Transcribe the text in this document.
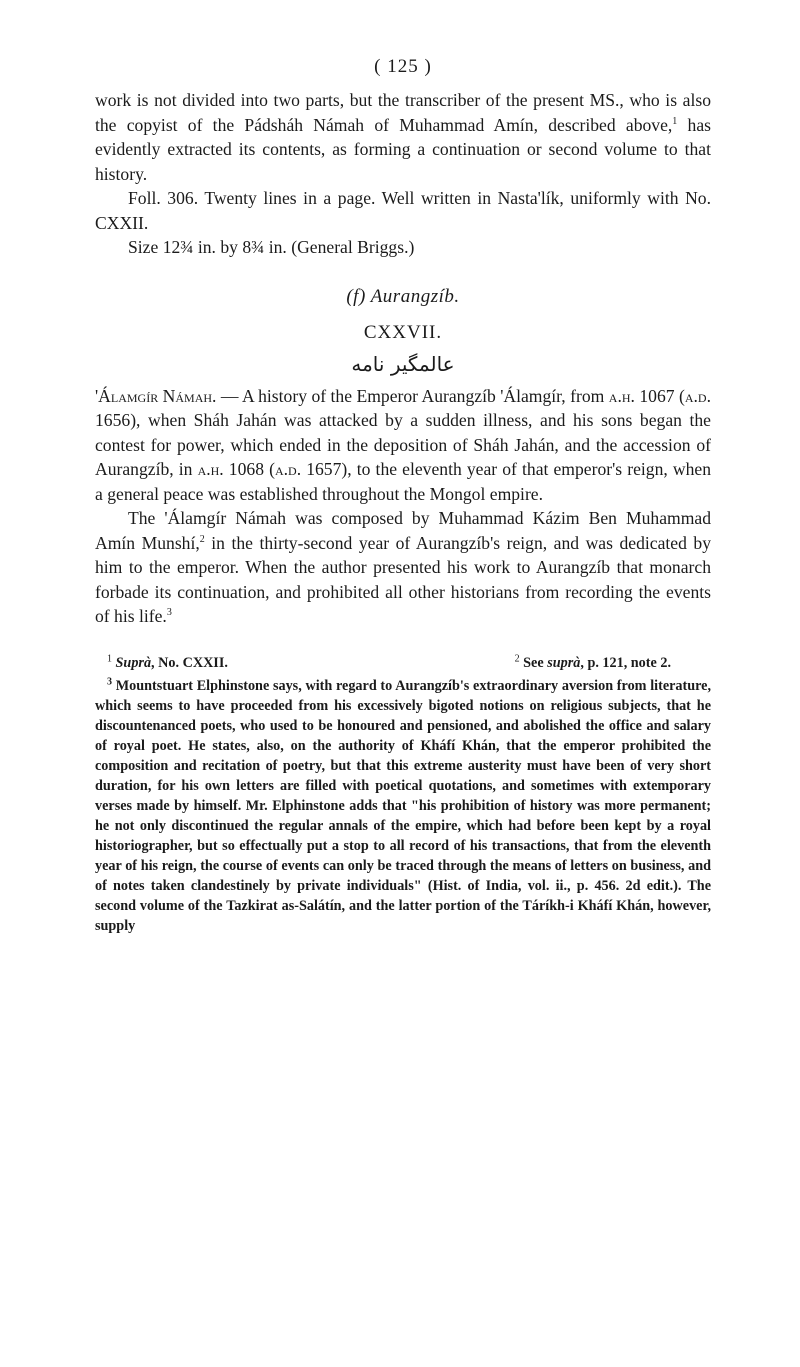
( 125 )

work is not divided into two parts, but the transcriber of the present MS., who is also the copyist of the Pádsháh Námah of Muhammad Amín, described above,$^1$ has evidently extracted its contents, as forming a continuation or second volume to that history.

Foll. 306. Twenty lines in a page. Well written in Nasta'lík, uniformly with No. CXXII.

Size 12¾ in. by 8¾ in. (General Briggs.)

(f) Aurangzíb.
CXXVII.
عالمگیر نامه

'Álamgír Námah. — A history of the Emperor Aurangzíb 'Álamgír, from a.h. 1067 (a.d. 1656), when Sháh Jahán was attacked by a sudden illness, and his sons began the contest for power, which ended in the deposition of Sháh Jahán, and the accession of Aurangzíb, in a.h. 1068 (a.d. 1657), to the eleventh year of that emperor's reign, when a general peace was established throughout the Mongol empire.

The 'Álamgír Námah was composed by Muhammad Kázim Ben Muhammad Amín Munshí,$^2$ in the thirty-second year of Aurangzíb's reign, and was dedicated by him to the emperor. When the author presented his work to Aurangzíb that monarch forbade its continuation, and prohibited all other historians from recording the events of his life.$^3$

$^1$ Suprà, No. CXXII.	$^2$ See suprà, p. 121, note 2.

$^3$ Mountstuart Elphinstone says, with regard to Aurangzíb's extraordinary aversion from literature, which seems to have proceeded from his excessively bigoted notions on religious subjects, that he discountenanced poets, who used to be honoured and pensioned, and abolished the office and salary of royal poet. He states, also, on the authority of Kháfí Khán, that the emperor prohibited the composition and recitation of poetry, but that this extreme austerity must have been of very short duration, for his own letters are filled with poetical quotations, and sometimes with extemporary verses made by himself. Mr. Elphinstone adds that "his prohibition of history was more permanent; he not only discontinued the regular annals of the empire, which had before been kept by a royal historiographer, but so effectually put a stop to all record of his transactions, that from the eleventh year of his reign, the course of events can only be traced through the means of letters on business, and of notes taken clandestinely by private individuals" (Hist. of India, vol. ii., p. 456. 2d edit.). The second volume of the Tazkirat as-Salátín, and the latter portion of the Táríkh-i Kháfí Khán, however, supply
